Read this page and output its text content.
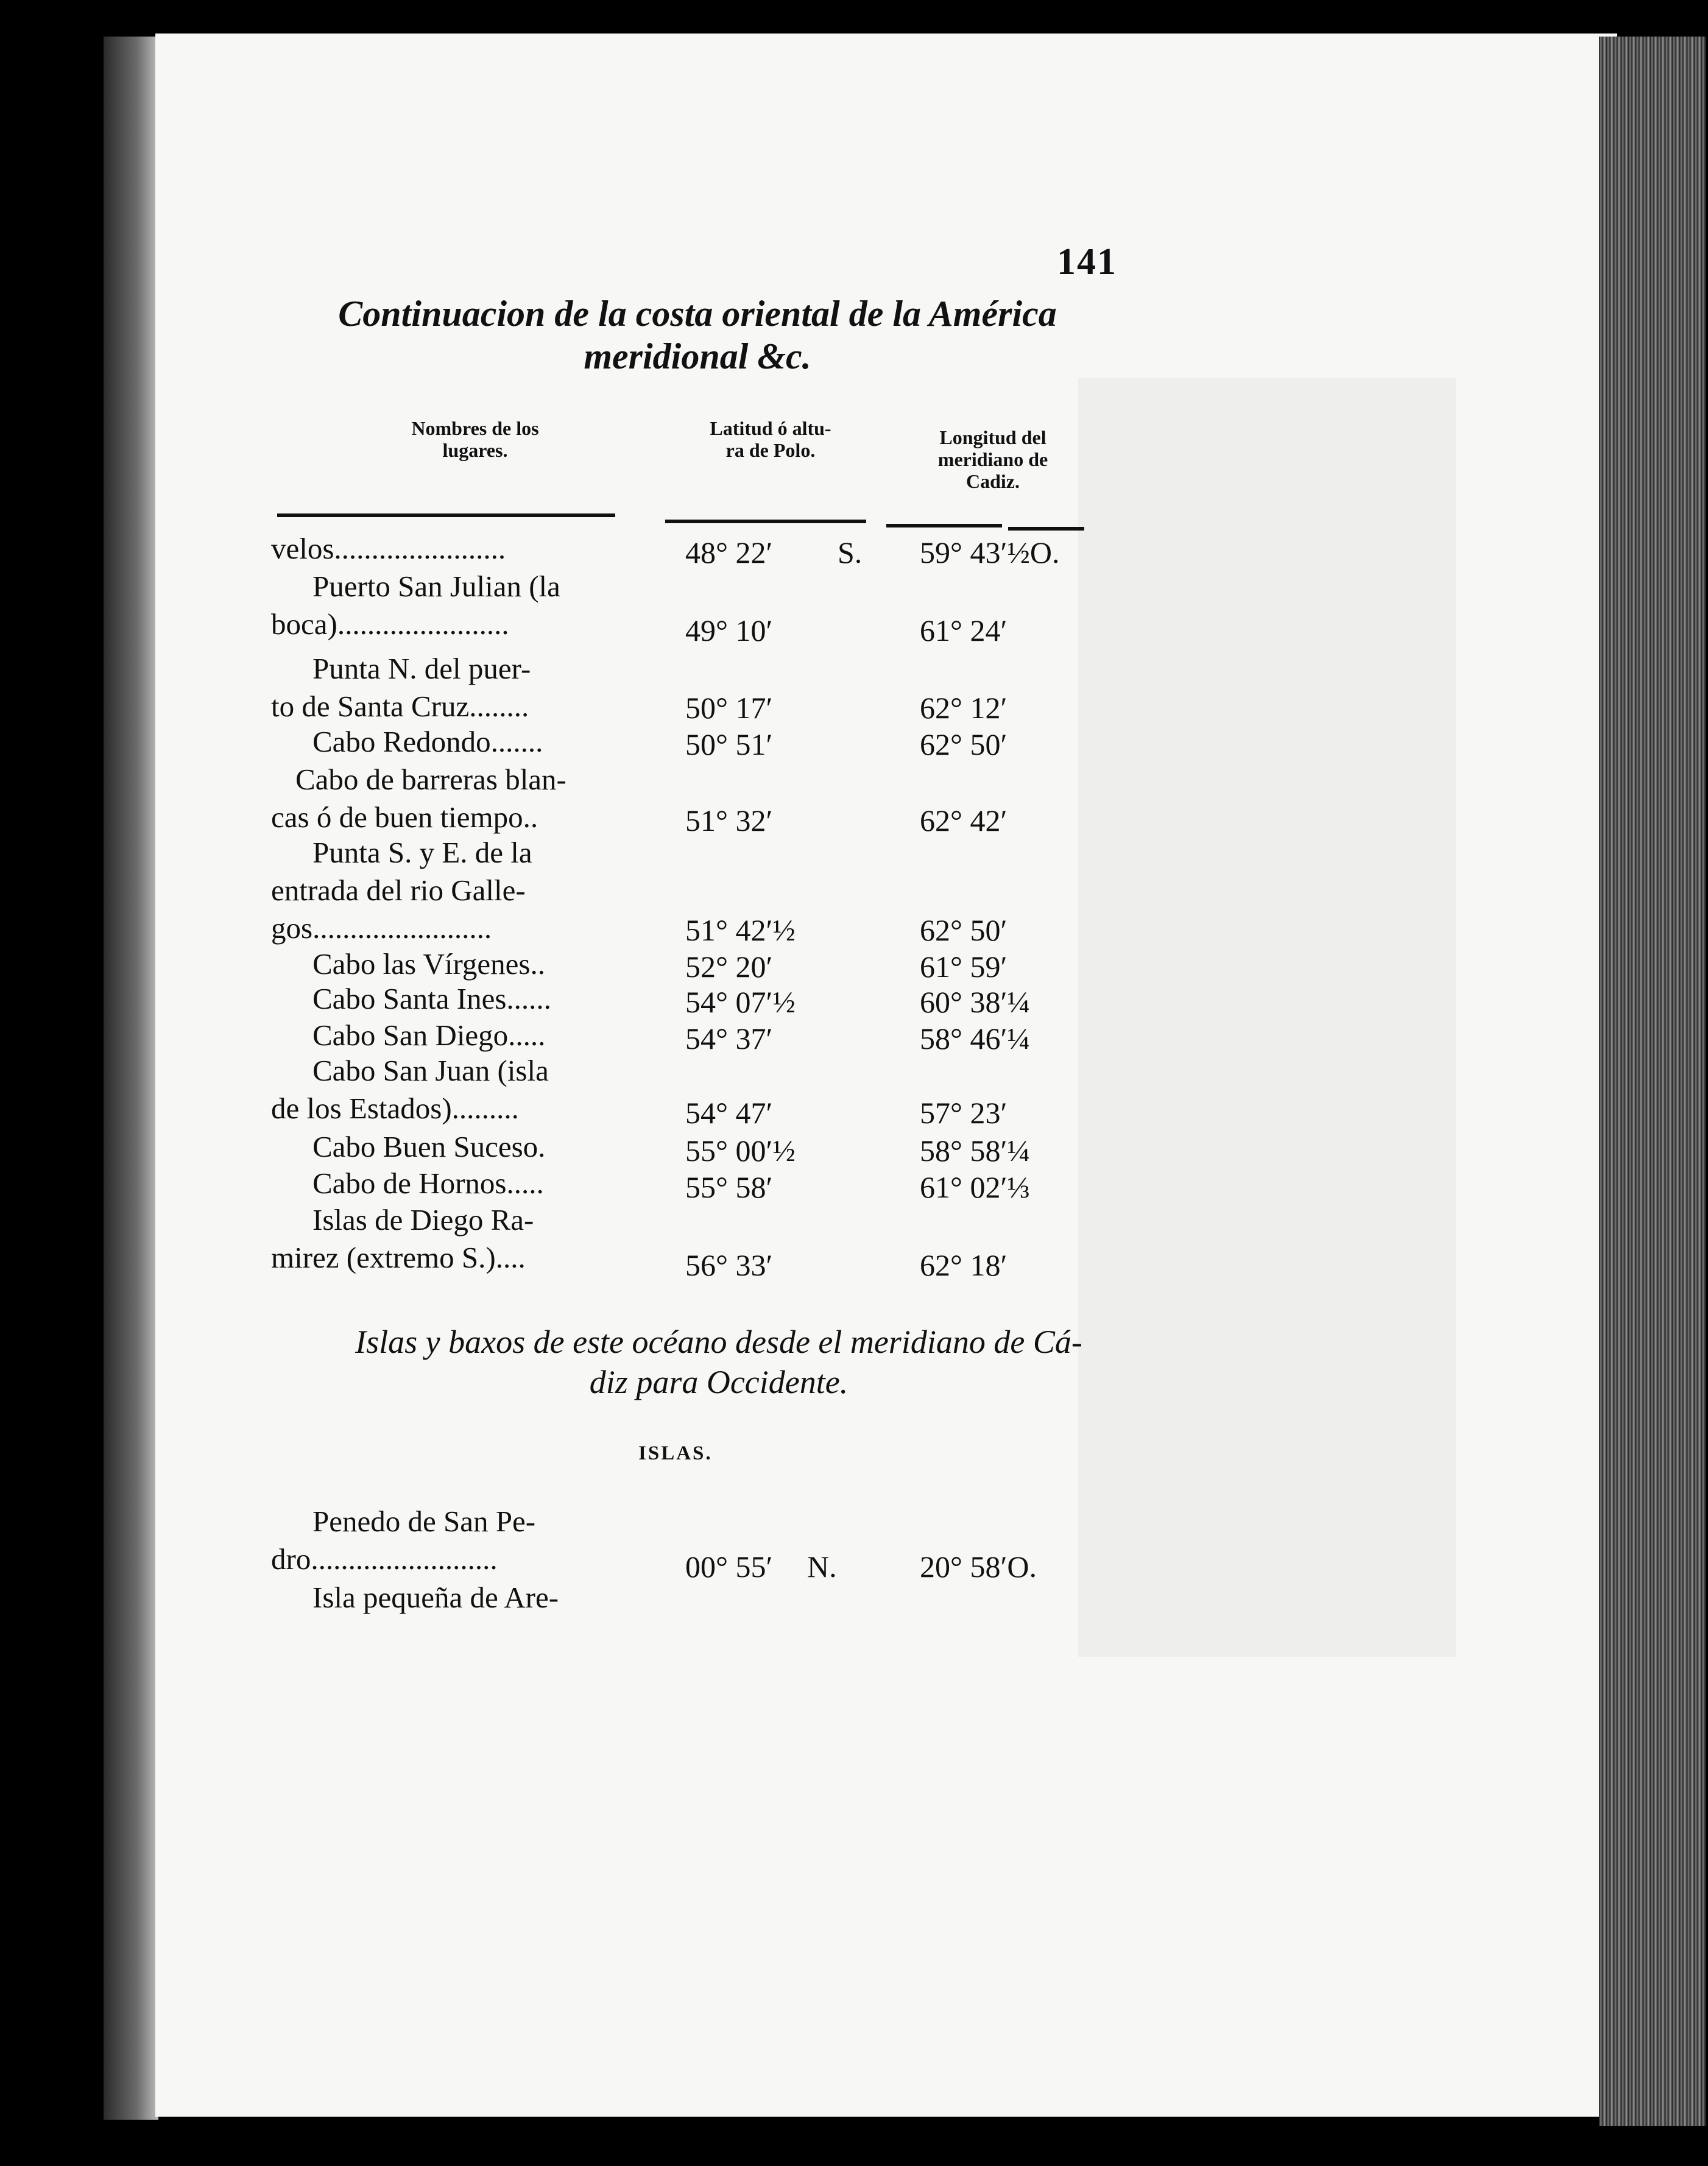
141
Continuacion de la costa oriental de la América
meridional &c.
Nombres de los
lugares.
Latitud ó altu-
ra de Polo.
Longitud del
meridiano de
Cadiz.
velos.......................	48° 22′ S. 59° 43′½O.
Puerto San Julian (la
boca).......................	49° 10′	61° 24′
Punta N. del puer-
to de Santa Cruz........	50° 17′	62° 12′
Cabo Redondo.......	50° 51′	62° 50′
Cabo de barreras blan-
cas ó de buen tiempo..	51° 32′	62° 42′
Punta S. y E. de la
entrada del rio Galle-
gos........................	51° 42′½	62° 50′
Cabo las Vírgenes..	52° 20′	61° 59′
Cabo Santa Ines......	54° 07′½	60° 38′¼
Cabo San Diego.....	54° 37′	58° 46′¼
Cabo San Juan (isla
de los Estados).........	54° 47′	57° 23′
Cabo Buen Suceso.	55° 00′½	58° 58′¼
Cabo de Hornos.....	55° 58′	61° 02′⅓
Islas de Diego Ra-
mirez (extremo S.)....	56° 33′	62° 18′
Islas y baxos de este océano desde el meridiano de Cá-
diz para Occidente.
ISLAS.
Penedo de San Pe-
dro.........................	00° 55′ N.	20° 58′O.
Isla pequeña de Are-
